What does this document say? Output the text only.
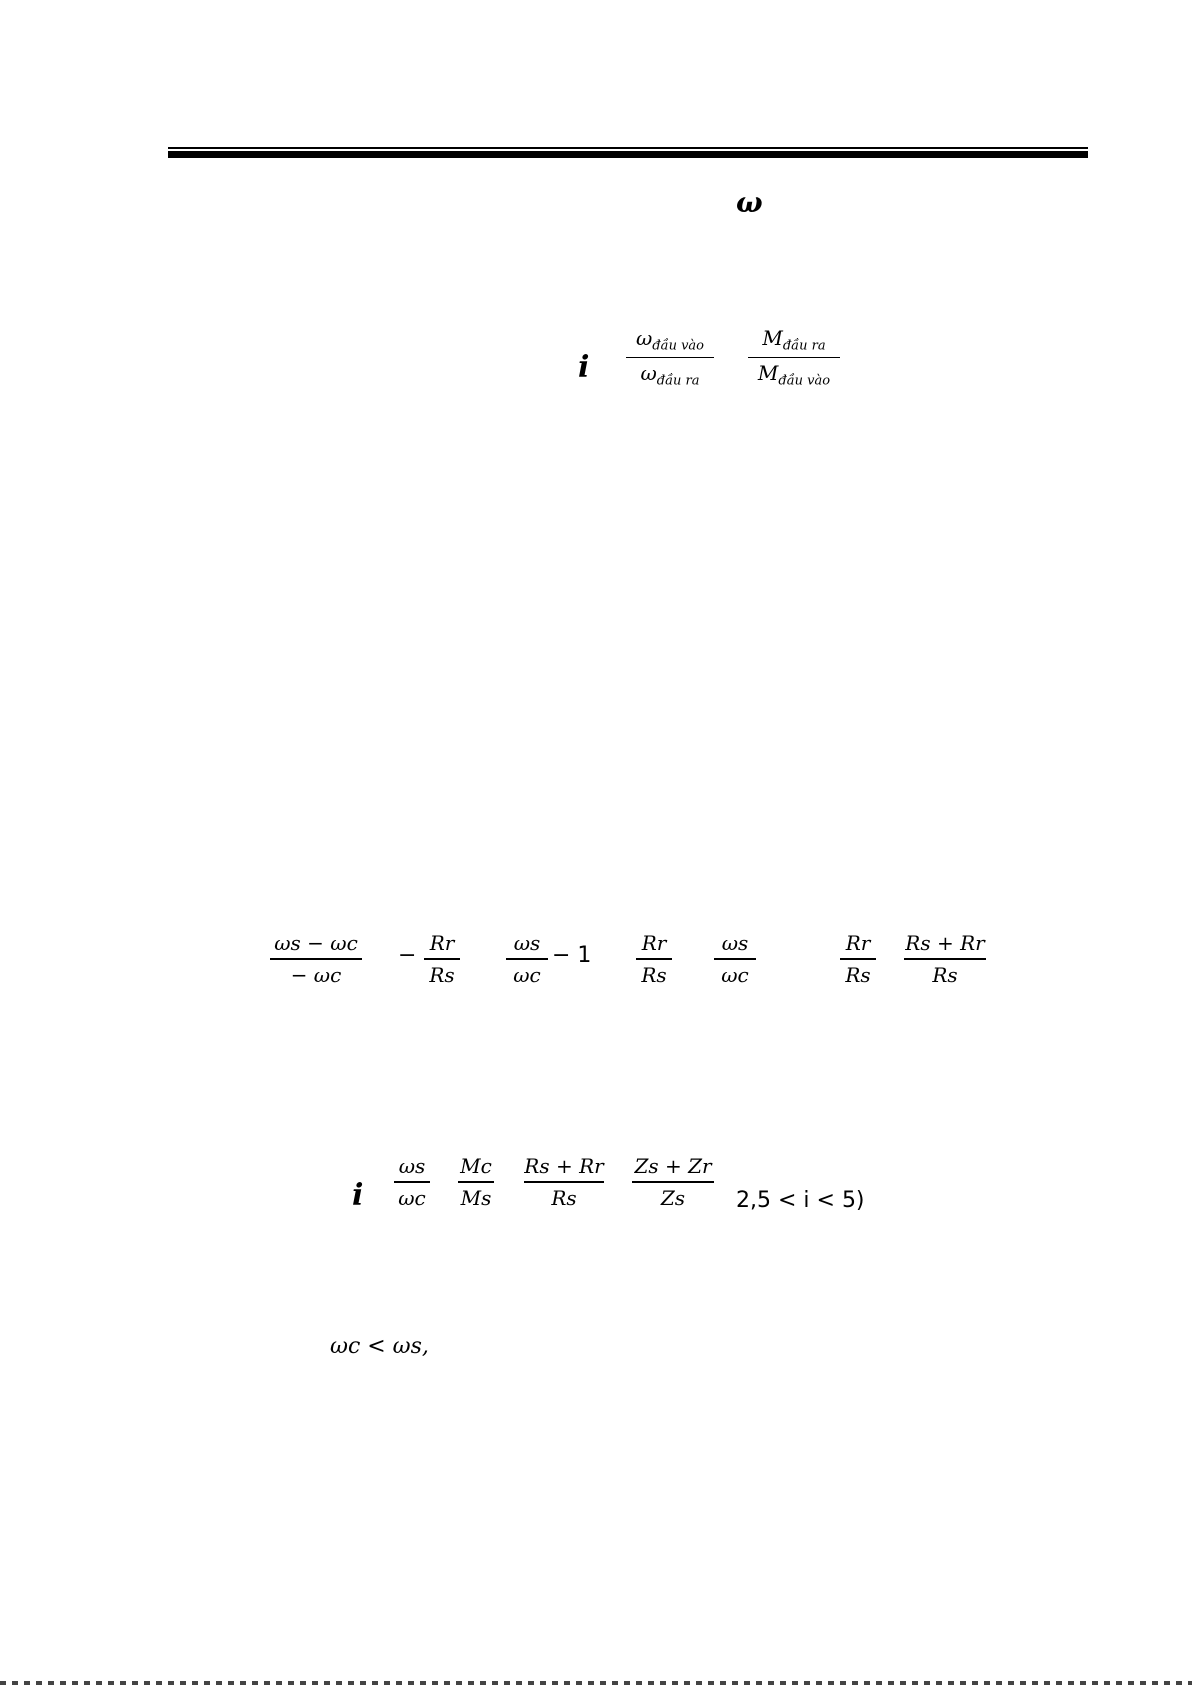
ω
i
$\omega_{đầu vào}$
$\omega_{đầu ra}$
$M_{đầu ra}$
$M_{đầu vào}$
ωs − ωc
− ωc
− Rr
Rs
ωs
ωc
− 1	Rr
Rs
ωs
ωc
Rr
Rs
Rs + Rr
Rs
i
ωs
ωc
Mc
Ms
Rs + Rr
Rs
Zs + Zr
Zs	2,5 < i < 5)
ωc < ωs,
